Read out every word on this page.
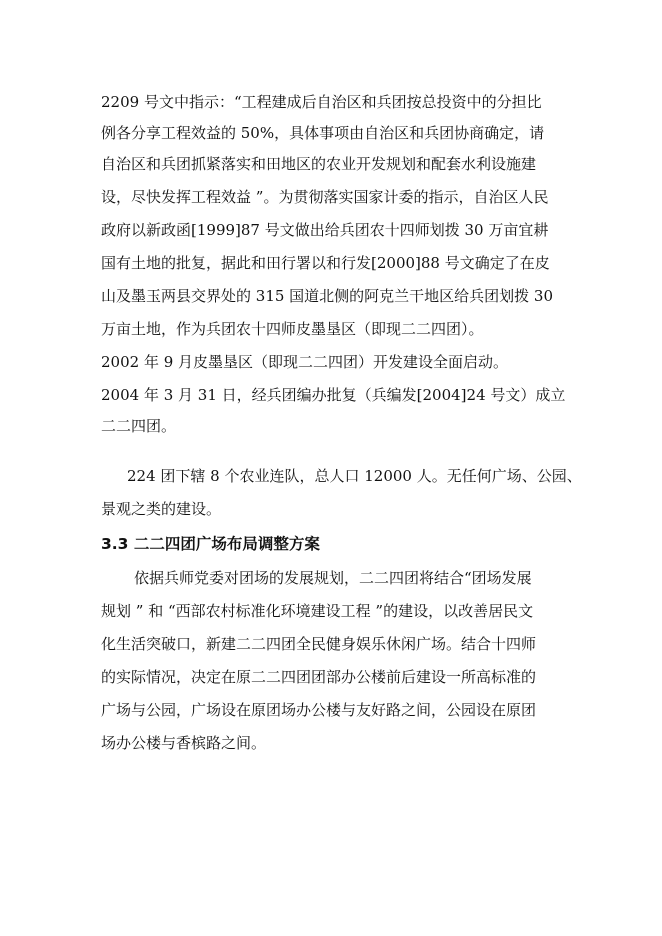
2209 号文中指示：“工程建成后自治区和兵团按总投资中的分担比
例各分享工程效益的 50%，具体事项由自治区和兵团协商确定，请
自治区和兵团抓紧落实和田地区的农业开发规划和配套水利设施建
设，尽快发挥工程效益 ”。为贯彻落实国家计委的指示，自治区人民
政府以新政函[1999]87 号文做出给兵团农十四师划拨 30 万亩宜耕
国有土地的批复，据此和田行署以和行发[2000]88 号文确定了在皮
山及墨玉两县交界处的 315 国道北侧的阿克兰干地区给兵团划拨 30
万亩土地，作为兵团农十四师皮墨垦区（即现二二四团）。
2002 年 9 月皮墨垦区（即现二二四团）开发建设全面启动。
2004 年 3 月 31 日，经兵团编办批复（兵编发[2004]24 号文）成立
二二四团。
224 团下辖 8 个农业连队，总人口 12000 人。无任何广场、公园、
景观之类的建设。
3.3 二二四团广场布局调整方案
依据兵师党委对团场的发展规划，二二四团将结合“团场发展
规划 ” 和 “西部农村标准化环境建设工程 ”的建设，以改善居民文
化生活突破口，新建二二四团全民健身娱乐休闲广场。结合十四师
的实际情况，决定在原二二四团团部办公楼前后建设一所高标准的
广场与公园，广场设在原团场办公楼与友好路之间，公园设在原团
场办公楼与香槟路之间。
